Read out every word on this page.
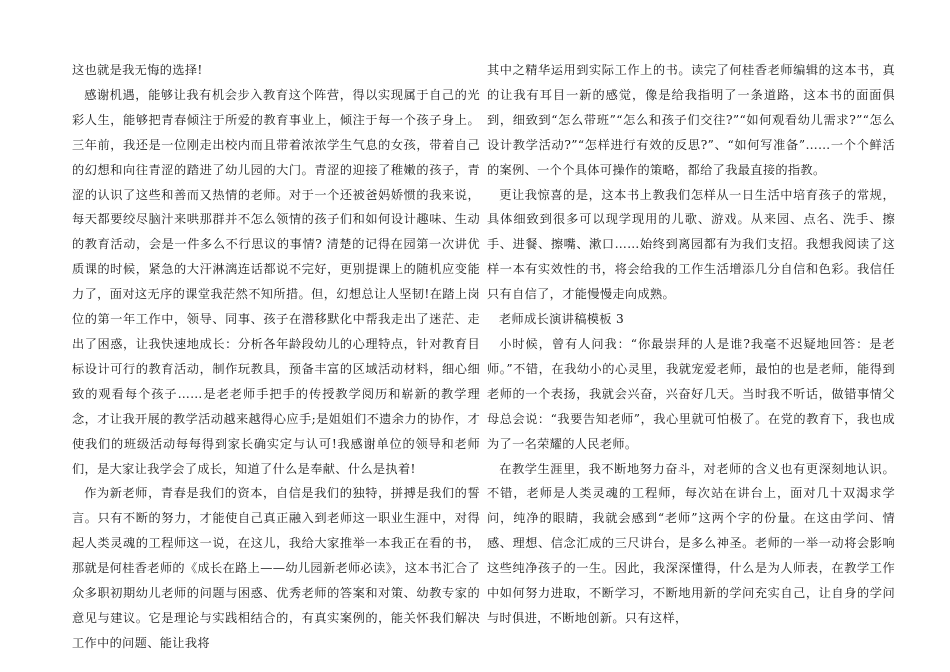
这也就是我无悔的选择!

感谢机遇，能够让我有机会步入教育这个阵营，得以实现属于自己的光彩人生，能够把青春倾注于所爱的教育事业上，倾注于每一个孩子身上。三年前，我还是一位刚走出校内而且带着浓浓学生气息的女孩，带着自己的幻想和向往青涩的踏进了幼儿园的大门。青涩的迎接了稚嫩的孩子，青涩的认识了这些和善而又热情的老师。对于一个还被爸妈娇惯的我来说，每天都要绞尽脑汁来哄那群并不怎么领情的孩子们和如何设计趣味、生动的教育活动，会是一件多么不行思议的事情? 清楚的记得在园第一次讲优质课的时候，紧急的大汗淋漓连话都说不完好，更别提课上的随机应变能力了，面对这无序的课堂我茫然不知所措。但，幻想总让人坚韧!在踏上岗位的第一年工作中，领导、同事、孩子在潜移默化中帮我走出了迷茫、走出了困惑，让我快速地成长：分析各年龄段幼儿的心理特点，针对教育目标设计可行的教育活动，制作玩教具，预备丰富的区域活动材料，细心细致的观看每个孩子……是老老师手把手的传授教学阅历和崭新的教学理念，才让我开展的教学活动越来越得心应手;是姐姐们不遗余力的协作，才使我们的班级活动每每得到家长确实定与认可!我感谢单位的领导和老师们，是大家让我学会了成长，知道了什么是奉献、什么是执着!

作为新老师，青春是我们的资本，自信是我们的独特，拼搏是我们的誓言。只有不断的努力，才能使自己真正融入到老师这一职业生涯中，对得起人类灵魂的工程师这一说，在这儿，我给大家推举一本我正在看的书，那就是何桂香老师的《成长在路上——幼儿园新老师必读》，这本书汇合了众多职初期幼儿老师的问题与困惑、优秀老师的答案和对策、幼教专家的意见与建议。它是理论与实践相结合的，有真实案例的，能关怀我们解决工作中的问题、能让我将

其中之精华运用到实际工作上的书。读完了何桂香老师编辑的这本书，真的让我有耳目一新的感觉，像是给我指明了一条道路，这本书的面面俱到，细致到“怎么带班”“怎么和孩子们交往?”“如何观看幼儿需求?”“怎么设计教学活动?”“怎样进行有效的反思?”、“如何写准备”……一个个鲜活的案例、一个个具体可操作的策略，都给了我最直接的指教。

更让我惊喜的是，这本书上教我们怎样从一日生活中培育孩子的常规，具体细致到很多可以现学现用的儿歌、游戏。从来园、点名、洗手、擦手、进餐、擦嘴、漱口……始终到离园都有为我们支招。我想我阅读了这样一本有实效性的书，将会给我的工作生活增添几分自信和色彩。我信任只有自信了，才能慢慢走向成熟。

老师成长演讲稿模板 3

小时候，曾有人问我：“你最崇拜的人是谁?我毫不迟疑地回答：是老师。”不错，在我幼小的心灵里，我就宠爱老师，最怕的也是老师，能得到老师的一个表扬，我就会兴奋，兴奋好几天。当时我不听话，做错事情父母总会说：“我要告知老师”，我心里就可怕极了。在党的教育下，我也成为了一名荣耀的人民老师。

在教学生涯里，我不断地努力奋斗，对老师的含义也有更深刻地认识。不错，老师是人类灵魂的工程师，每次站在讲台上，面对几十双渴求学问，纯净的眼睛，我就会感到“老师”这两个字的份量。在这由学问、情感、理想、信念汇成的三尺讲台，是多么神圣。老师的一举一动将会影响这些纯净孩子的一生。因此，我深深懂得，什么是为人师表，在教学工作中如何努力进取，不断学习，不断地用新的学问充实自己，让自身的学问与时俱进，不断地创新。只有这样，
